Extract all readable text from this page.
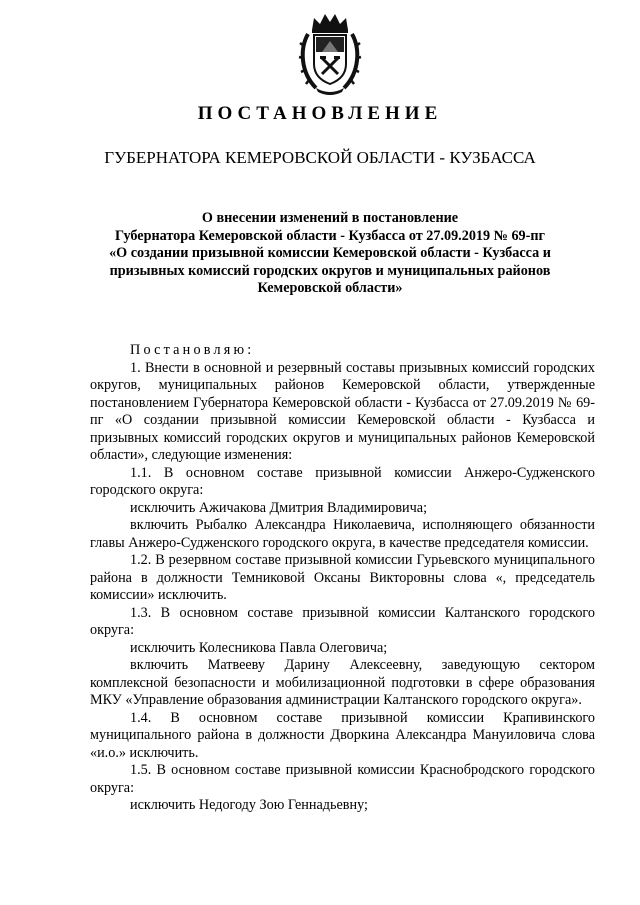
ПОСТАНОВЛЕНИЕ
ГУБЕРНАТОРА КЕМЕРОВСКОЙ ОБЛАСТИ - КУЗБАССА
О внесении изменений в постановление
Губернатора Кемеровской области - Кузбасса от 27.09.2019 № 69-пг
«О создании призывной комиссии Кемеровской области - Кузбасса и
призывных комиссий городских округов и муниципальных районов
Кемеровской области»

Постановляю:

1. Внести в основной и резервный составы призывных комиссий городских округов, муниципальных районов Кемеровской области, утвержденные постановлением Губернатора Кемеровской области - Кузбасса от 27.09.2019 № 69-пг «О создании призывной комиссии Кемеровской области - Кузбасса и призывных комиссий городских округов и муниципальных районов Кемеровской области», следующие изменения:

1.1. В основном составе призывной комиссии Анжеро-Судженского городского округа:

исключить Ажичакова Дмитрия Владимировича;

включить Рыбалко Александра Николаевича, исполняющего обязанности главы Анжеро-Судженского городского округа, в качестве председателя комиссии.

1.2. В резервном составе призывной комиссии Гурьевского муниципального района в должности Темниковой Оксаны Викторовны слова «, председатель комиссии» исключить.

1.3. В основном составе призывной комиссии Калтанского городского округа:

исключить Колесникова Павла Олеговича;

включить Матвееву Дарину Алексеевну, заведующую сектором комплексной безопасности и мобилизационной подготовки в сфере образования МКУ «Управление образования администрации Калтанского городского округа».

1.4. В основном составе призывной комиссии Крапивинского муниципального района в должности Дворкина Александра Мануиловича слова «и.о.» исключить.

1.5. В основном составе призывной комиссии Краснобродского городского округа:

исключить Недогоду Зою Геннадьевну;
